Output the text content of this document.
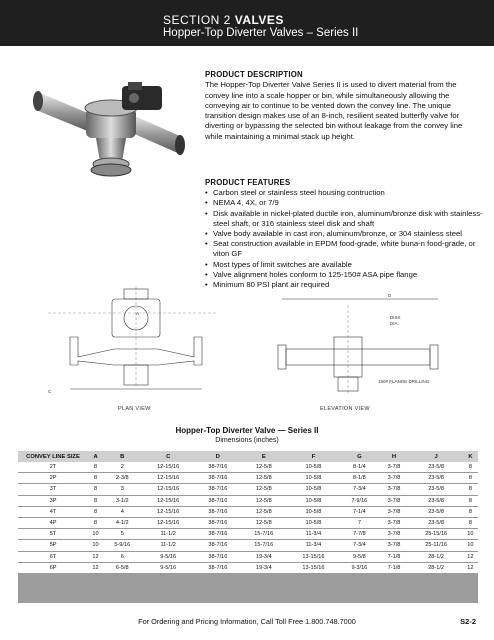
SECTION 2 VALVES
Hopper-Top Diverter Valves – Series II
PRODUCT DESCRIPTION

The Hopper-Top Diverter Valve Series II is used to divert material from the convey line into a scale hopper or bin, while simultaneously allowing the conveying air to continue to be vented down the convey line. The unique transition design makes use of an 8-inch, resilient seated butterfly valve for diverting or bypassing the selected bin without leakage from the convey line while maintaining a minimal stack up height.

PRODUCT FEATURES
• Carbon steel or stainless steel housing contruction
• NEMA 4, 4X, or 7/9
• Disk available in nickel-plated ductile iron, aluminum/bronze disk with stainless-steel shaft, or 316 stainless steel disk and shaft
• Valve body available in cast iron, aluminum/bronze, or 304 stainless steel
• Seat construction available in EPDM food-grade, white buna-n food-grade, or viton GF
• Most types of limit switches are available
• Valve alignment holes conform to 125-150# ASA pipe flange
• Minimum 80 PSI plant air required
A
C
D
DISK
DIA.
150# FLANGE DRILLING
PLAN VIEW	ELEVATION VIEW
Hopper-Top Diverter Valve — Series II
Dimensions (inches)
CONVEY LINE SIZE	A	B	C	D	E	F	G	H	J	K
2T	8	2	12-15/16	38-7/16	12-5/8	10-5/8	8-1/4	3-7/8	23-5/8	8
2P	8	2-3/8	12-15/16	38-7/16	12-5/8	10-5/8	8-1/8	3-7/8	23-5/8	8
3T	8	3	12-15/16	38-7/16	12-5/8	10-5/8	7-3/4	3-7/8	23-5/8	8
3P	8	3-1/2	12-15/16	38-7/16	12-5/8	10-5/8	7-9/16	3-7/8	23-5/8	8
4T	8	4	12-15/16	38-7/16	12-5/8	10-5/8	7-1/4	3-7/8	23-5/8	8
4P	8	4-1/2	12-15/16	38-7/16	12-5/8	10-5/8	7	3-7/8	23-5/8	8
5T	10	5	11-1/2	38-7/16	15-7/16	11-3/4	7-7/8	3-7/8	25-15/16	10
5P	10	5-9/16	11-1/2	38-7/16	15-7/16	11-3/4	7-3/4	3-7/8	25-11/16	10
6T	12	6	9-5/16	38-7/16	19-3/4	13-15/16	9-5/8	7-1/8	28-1/2	12
6P	12	6-5/8	9-5/16	38-7/16	19-3/4	13-15/16	9-3/16	7-1/8	28-1/2	12
For Ordering and Pricing Information, Call Toll Free 1.800.748.7000	S2-2
